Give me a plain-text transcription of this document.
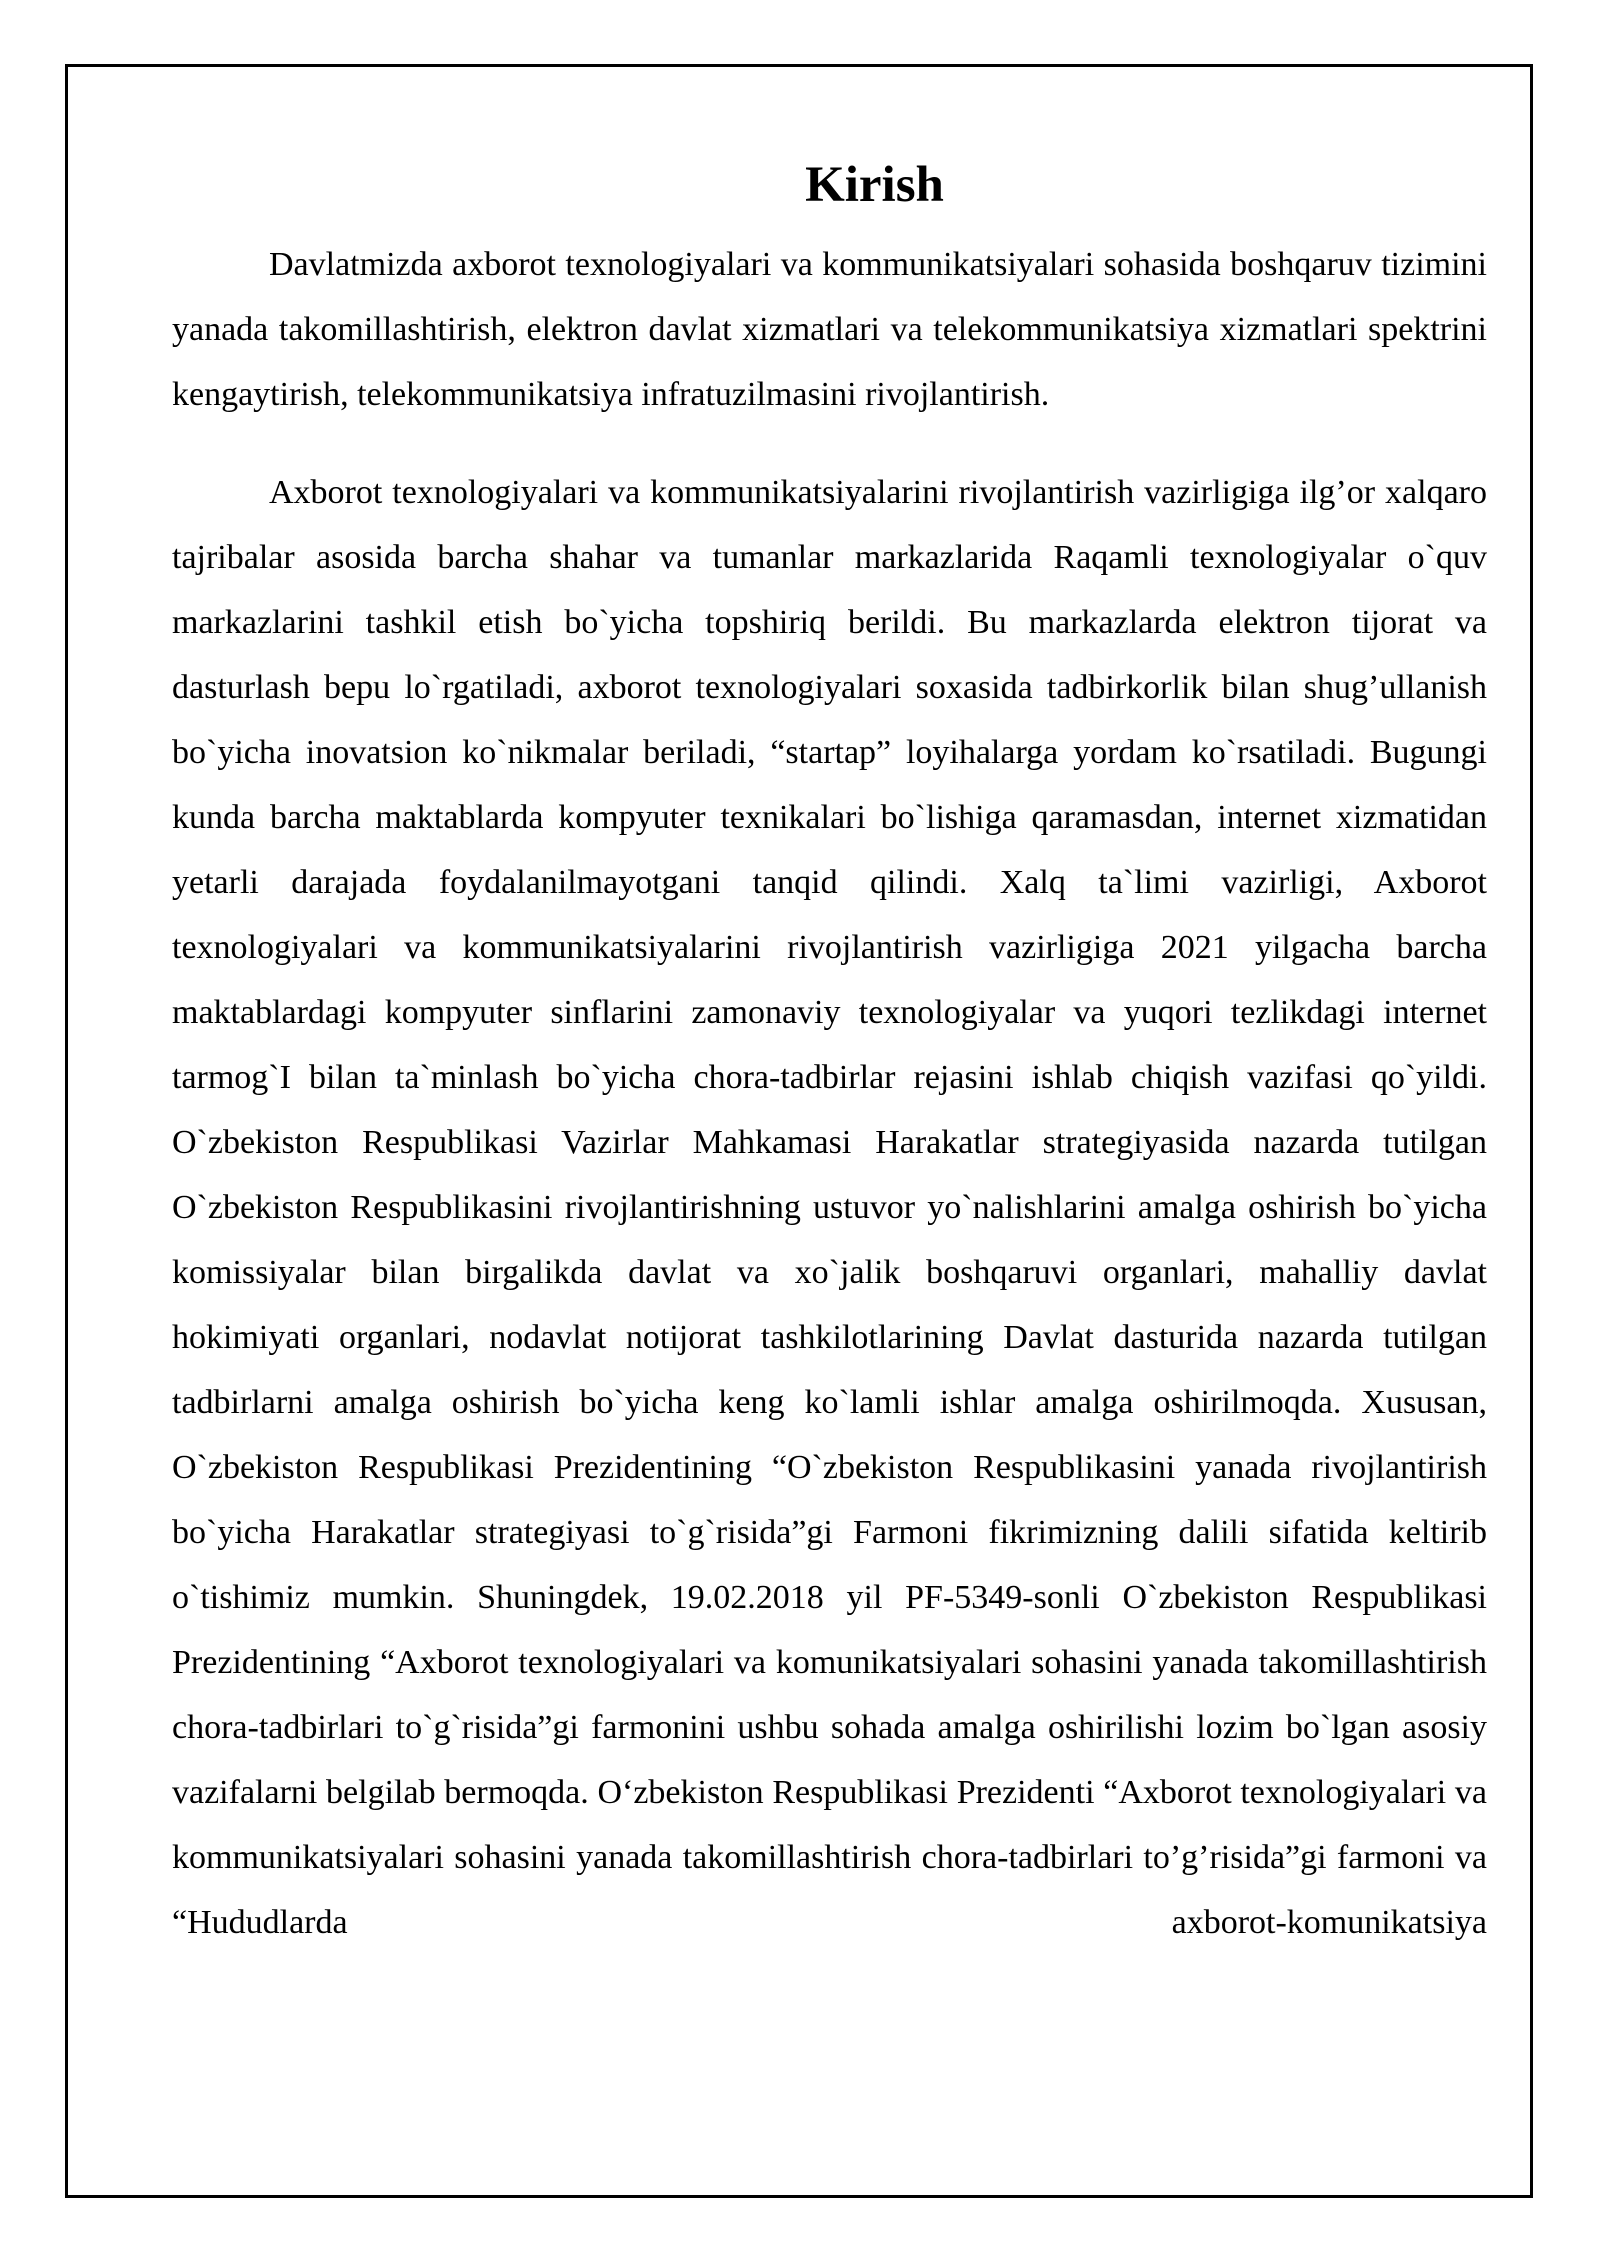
Kirish

Davlatmizda axborot texnologiyalari va kommunikatsiyalari sohasida boshqaruv tizimini yanada takomillashtirish, elektron davlat xizmatlari va telekommunikatsiya xizmatlari spektrini kengaytirish, telekommunikatsiya infratuzilmasini rivojlantirish.

Axborot texnologiyalari va kommunikatsiyalarini rivojlantirish vazirligiga ilg’or xalqaro tajribalar asosida barcha shahar va tumanlar markazlarida Raqamli texnologiyalar o`quv markazlarini tashkil etish bo`yicha topshiriq berildi. Bu markazlarda elektron tijorat va dasturlash bepu lo`rgatiladi, axborot texnologiyalari soxasida tadbirkorlik bilan shug’ullanish bo`yicha inovatsion ko`nikmalar beriladi, “startap” loyihalarga yordam ko`rsatiladi. Bugungi kunda barcha maktablarda kompyuter texnikalari bo`lishiga qaramasdan, internet xizmatidan yetarli darajada foydalanilmayotgani tanqid qilindi. Xalq ta`limi vazirligi, Axborot texnologiyalari va kommunikatsiyalarini rivojlantirish vazirligiga 2021 yilgacha barcha maktablardagi kompyuter sinflarini zamonaviy texnologiyalar va yuqori tezlikdagi internet tarmog`I bilan ta`minlash bo`yicha chora-tadbirlar rejasini ishlab chiqish vazifasi qo`yildi. O`zbekiston Respublikasi Vazirlar Mahkamasi Harakatlar strategiyasida nazarda tutilgan O`zbekiston Respublikasini rivojlantirishning ustuvor yo`nalishlarini amalga oshirish bo`yicha komissiyalar bilan birgalikda davlat va xo`jalik boshqaruvi organlari, mahalliy davlat hokimiyati organlari, nodavlat notijorat tashkilotlarining Davlat dasturida nazarda tutilgan tadbirlarni amalga oshirish bo`yicha keng ko`lamli ishlar amalga oshirilmoqda. Xususan, O`zbekiston Respublikasi Prezidentining “O`zbekiston Respublikasini yanada rivojlantirish bo`yicha Harakatlar strategiyasi to`g`risida”gi Farmoni fikrimizning dalili sifatida keltirib o`tishimiz mumkin. Shuningdek, 19.02.2018 yil PF-5349-sonli O`zbekiston Respublikasi Prezidentining “Axborot texnologiyalari va komunikatsiyalari sohasini yanada takomillashtirish chora-tadbirlari to`g`risida”gi farmonini ushbu sohada amalga oshirilishi lozim bo`lgan asosiy vazifalarni belgilab bermoqda. O‘zbekiston Respublikasi Prezidenti “Axborot texnologiyalari va kommunikatsiyalari sohasini yanada takomillashtirish chora-tadbirlari to’g’risida”gi farmoni va “Hududlarda axborot-komunikatsiya
